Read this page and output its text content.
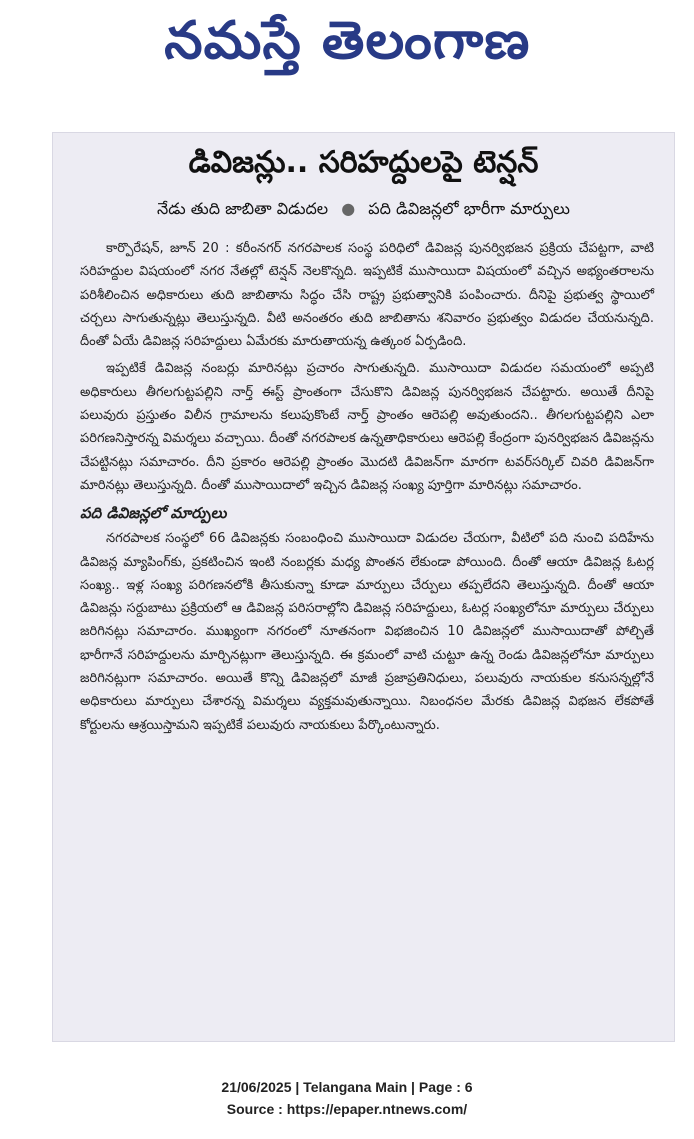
నమస్తే తెలంగాణ
డివిజన్లు.. సరిహద్దులపై టెన్షన్
నేడు తుది జాబితా విడుదల ● పది డివిజన్లలో భారీగా మార్పులు

కార్పొరేషన్, జూన్ 20 : కరీంనగర్ నగరపాలక సంస్థ పరిధిలో డివిజన్ల పునర్విభజన ప్రక్రియ చేపట్టగా, వాటి సరిహద్దుల విషయంలో నగర నేతల్లో టెన్షన్ నెలకొన్నది. ఇప్పటికే ముసాయిదా విషయంలో వచ్చిన అభ్యంతరాలను పరిశీలించిన అధికారులు తుది జాబితాను సిద్ధం చేసి రాష్ట్ర ప్రభుత్వానికి పంపించారు. దీనిపై ప్రభుత్వ స్థాయిలో చర్చలు సాగుతున్నట్లు తెలుస్తున్నది. వీటి అనంతరం తుది జాబితాను శనివారం ప్రభుత్వం విడుదల చేయనున్నది. దీంతో ఏయే డివిజన్ల సరిహద్దులు ఏమేరకు మారుతాయన్న ఉత్కంఠ ఏర్పడింది.

ఇప్పటికే డివిజన్ల నంబర్లు మారినట్లు ప్రచారం సాగుతున్నది. ముసాయిదా విడుదల సమయంలో అప్పటి అధికారులు తీగలగుట్టపల్లిని నార్త్ ఈస్ట్ ప్రాంతంగా చేసుకొని డివిజన్ల పునర్విభజన చేపట్టారు. అయితే దీనిపై పలువురు ప్రస్తుతం విలీన గ్రామాలను కలుపుకొంటే నార్త్ ప్రాంతం ఆరెపల్లి అవుతుందని.. తీగలగుట్టపల్లిని ఎలా పరిగణనిస్తారన్న విమర్శలు వచ్చాయి. దీంతో నగరపాలక ఉన్నతాధికారులు ఆరెపల్లి కేంద్రంగా పునర్విభజన డివిజన్లను చేపట్టినట్లు సమాచారం. దీని ప్రకారం ఆరెపల్లి ప్రాంతం మొదటి డివిజన్‌గా మారగా టవర్‌సర్కిల్ చివరి డివిజన్‌గా మారినట్లు తెలుస్తున్నది. దీంతో ముసాయిదాలో ఇచ్చిన డివిజన్ల సంఖ్య పూర్తిగా మారినట్లు సమాచారం.

పది డివిజన్లలో మార్పులు

నగరపాలక సంస్థలో 66 డివిజన్లకు సంబంధించి ముసాయిదా విడుదల చేయగా, వీటిలో పది నుంచి పదిహేను డివిజన్ల మ్యాపింగ్‌కు, ప్రకటించిన ఇంటి నంబర్లకు మధ్య పొంతన లేకుండా పోయింది. దీంతో ఆయా డివిజన్ల ఓటర్ల సంఖ్య.. ఇళ్ల సంఖ్య పరిగణనలోకి తీసుకున్నా కూడా మార్పులు చేర్పులు తప్పలేదని తెలుస్తున్నది. దీంతో ఆయా డివిజన్లు సర్దుబాటు ప్రక్రియలో ఆ డివిజన్ల పరిసరాల్లోని డివిజన్ల సరిహద్దులు, ఓటర్ల సంఖ్యలోనూ మార్పులు చేర్పులు జరిగినట్లు సమాచారం. ముఖ్యంగా నగరంలో నూతనంగా విభజించిన 10 డివిజన్లలో ముసాయిదాతో పోల్చితే భారీగానే సరిహద్దులను మార్చినట్లుగా తెలుస్తున్నది. ఈ క్రమంలో వాటి చుట్టూ ఉన్న రెండు డివిజన్లలోనూ మార్పులు జరిగినట్లుగా సమాచారం. అయితే కొన్ని డివిజన్లలో మాజీ ప్రజాప్రతినిధులు, పలువురు నాయకుల కనుసన్నల్లోనే అధికారులు మార్పులు చేశారన్న విమర్శలు వ్యక్తమవుతున్నాయి. నిబంధనల మేరకు డివిజన్ల విభజన లేకపోతే కోర్టులను ఆశ్రయిస్తామని ఇప్పటికే పలువురు నాయకులు పేర్కొంటున్నారు.

21/06/2025 | Telangana Main | Page : 6
Source : https://epaper.ntnews.com/
